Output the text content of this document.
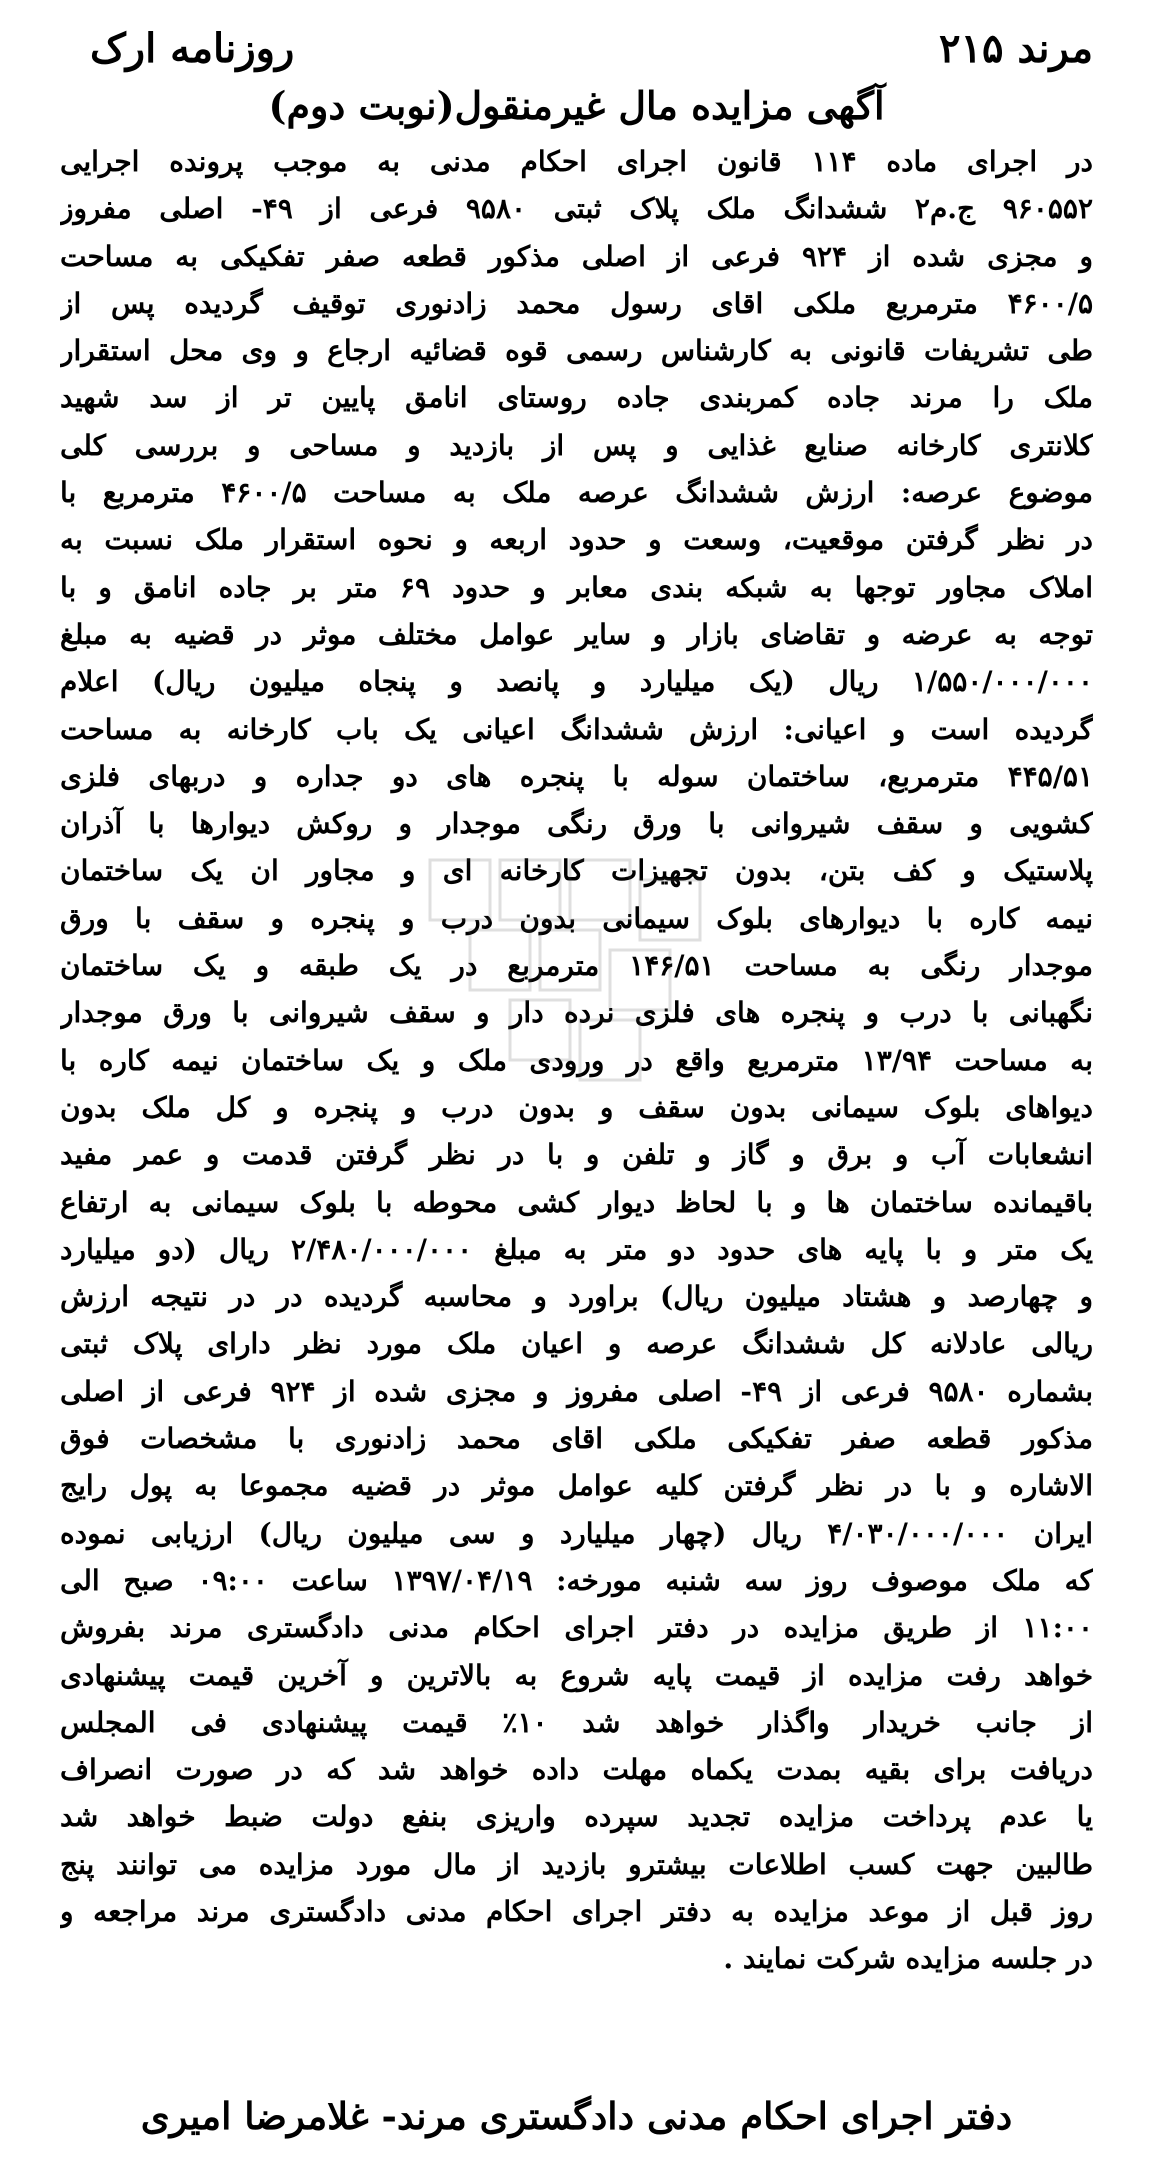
مرند ۲۱۵
روزنامه ارک
آگهی مزایده مال غیرمنقول(نوبت دوم)
در اجرای ماده ۱۱۴ قانون اجرای احکام مدنی به موجب پرونده اجرایی
۹۶۰۵۵۲ ج.م۲ ششدانگ ملک پلاک ثبتی ۹۵۸۰ فرعی از ۴۹- اصلی مفروز
و مجزی شده از ۹۲۴ فرعی از اصلی مذکور قطعه صفر تفکیکی به مساحت
۴۶۰۰/۵ مترمربع ملکی اقای رسول محمد زادنوری توقیف گردیده پس از
طی تشریفات قانونی به کارشناس رسمی قوه قضائیه ارجاع و وی محل استقرار
ملک را مرند جاده کمربندی جاده روستای انامق پایین تر از سد شهید
کلانتری کارخانه صنایع غذایی و پس از بازدید و مساحی و بررسی کلی
موضوع عرصه: ارزش ششدانگ عرصه ملک به مساحت ۴۶۰۰/۵ مترمربع با
در نظر گرفتن موقعیت، وسعت و حدود اربعه و نحوه استقرار ملک نسبت به
املاک مجاور توجها به شبکه بندی معابر و حدود ۶۹ متر بر جاده انامق و با
توجه به عرضه و تقاضای بازار و سایر عوامل مختلف موثر در قضیه به مبلغ
۱/۵۵۰/۰۰۰/۰۰۰ ریال (یک میلیارد و پانصد و پنجاه میلیون ریال) اعلام
گردیده است و اعیانی: ارزش ششدانگ اعیانی یک باب کارخانه به مساحت
۴۴۵/۵۱ مترمربع، ساختمان سوله با پنجره های دو جداره و دربهای فلزی
کشویی و سقف شیروانی با ورق رنگی موجدار و روکش دیوارها با آذران
پلاستیک و کف بتن، بدون تجهیزات کارخانه ای و مجاور ان یک ساختمان
نیمه کاره با دیوارهای بلوک سیمانی بدون درب و پنجره و سقف با ورق
موجدار رنگی به مساحت ۱۴۶/۵۱ مترمربع در یک طبقه و یک ساختمان
نگهبانی با درب و پنجره های فلزی نرده دار و سقف شیروانی با ورق موجدار
به مساحت ۱۳/۹۴ مترمربع واقع در ورودی ملک و یک ساختمان نیمه کاره با
دیواهای بلوک سیمانی بدون سقف و بدون درب و پنجره و کل ملک بدون
انشعابات آب و برق و گاز و تلفن و با در نظر گرفتن قدمت و عمر مفید
باقیمانده ساختمان ها و با لحاظ دیوار کشی محوطه با بلوک سیمانی به ارتفاع
یک متر و با پایه های حدود دو متر به مبلغ ۲/۴۸۰/۰۰۰/۰۰۰ ریال (دو میلیارد
و چهارصد و هشتاد میلیون ریال) براورد و محاسبه گردیده در در نتیجه ارزش
ریالی عادلانه کل ششدانگ عرصه و اعیان ملک مورد نظر دارای پلاک ثبتی
بشماره ۹۵۸۰ فرعی از ۴۹- اصلی مفروز و مجزی شده از ۹۲۴ فرعی از اصلی
مذکور قطعه صفر تفکیکی ملکی اقای محمد زادنوری با مشخصات فوق
الاشاره و با در نظر گرفتن کلیه عوامل موثر در قضیه مجموعا به پول رایج
ایران ۴/۰۳۰/۰۰۰/۰۰۰ ریال (چهار میلیارد و سی میلیون ریال) ارزیابی نموده
که ملک موصوف روز سه شنبه مورخه: ۱۳۹۷/۰۴/۱۹ ساعت ۰۹:۰۰ صبح الی
۱۱:۰۰ از طریق مزایده در دفتر اجرای احکام مدنی دادگستری مرند بفروش
خواهد رفت مزایده از قیمت پایه شروع به بالاترین و آخرین قیمت پیشنهادی
از جانب خریدار واگذار خواهد شد ۱۰٪ قیمت پیشنهادی فی المجلس
دریافت برای بقیه بمدت یکماه مهلت داده خواهد شد که در صورت انصراف
یا عدم پرداخت مزایده تجدید سپرده واریزی بنفع دولت ضبط خواهد شد
طالبین جهت کسب اطلاعات بیشترو بازدید از مال مورد مزایده می توانند پنج
روز قبل از موعد مزایده به دفتر اجرای احکام مدنی دادگستری مرند مراجعه و
در جلسه مزایده شرکت نمایند .
دفتر اجرای احکام مدنی دادگستری مرند- غلامرضا امیری
